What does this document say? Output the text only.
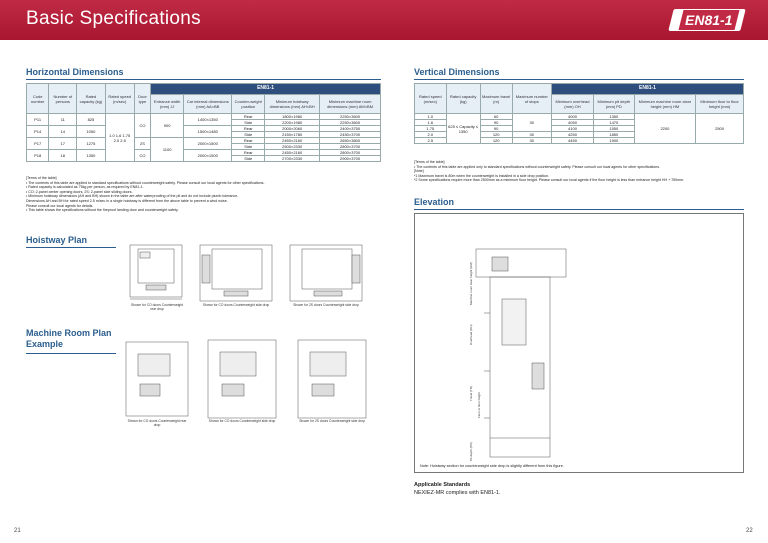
Basic Specifications	EN81-1
Horizontal Dimensions
Code number	Number of persons	Rated capacity (kg)	Rated speed (m/sec)	Door type	EN81-1				
					Entrance width (mm) JJ	Car internal dimensions (mm) AA×BB	Counter-weight position	Minimum hoistway dimensions (mm) AH×BH	Minimum machine room dimensions (mm) AM×BM
P11	11	825	1.0 1.6 1.75 2.0 2.5	CO	900	1400×1350	Rear	1800×1980	2250×3600
							Side	2200×1980	2250×3600
P14	14	1050				1500×1480	Rear	2000×2060	2400×3750
							Side	2150×1780	2450×3700
P17	17	1275		2S	1100	2000×1500	Rear	2450×2160	2650×3800
							Side	2500×2330	2800×3700
P18	18	1350		CO		2000×1500	Rear	2450×2160	2800×3700
							Side	2700×2330	2900×3700
[Terms of the table]
• The contents of this table are applied to standard specifications without counterweight safety. Please consult our local agents for other specifications.
• Rated capacity is calculated as 75kg per person, as required by EN81-1.
• CO: 2-panel center opening doors, 2S: 2-panel side sliding doors.
• Minimum hoistway dimensions (AH and BH) shown in the table are after waterproofing of the pit and do not include plumb tolerance.
Dimensions AH and BH for rated speed 2.5 m/sec in a single hoistway is different from the above table to prevent a wind noise.
Please consult our local agents for details.
• This table shows the specifications without the fireproof landing door and counterweight safety.
Hoistway Plan
Shown for CO doors Counterweight rear drop
Shown for CO doors Counterweight side drop	Shown for 2S doors Counterweight side drop
Machine Room Plan Example
Shown for CO doors Counterweight rear drop
Shown for CO doors Counterweight side drop	Shown for 2S doors Counterweight side drop
Vertical Dimensions
Rated speed (m/sec)	Rated capacity (kg)	Maximum travel (m)	Maximum number of stops	EN81-1			
				Minimum overhead (mm) OH	Minimum pit depth (mm) PD	Minimum machine room clear height (mm) HM	Minimum floor to floor height (mm)
1.0	625 ≤ Capacity ≤ 1350	60	30	4000	1350	2200	2500
1.6		90		4050	1470		
1.75		90		4100	1550		
2.0		120	30	4250	1850		
2.5		120	30	4450	1900		
[Terms of the table]
• The contents of this table are applied only to standard specifications without counterweight safety. Please consult our local agents for other specifications.
[Note]
*1 Maximum travel is 80m when the counterweight is installed in a side drop position.
*2 Some specifications require more than 2500mm as a minimum floor height. Please consult our local agents if the floor height is less than entrance height HH + 750mm.
Elevation
Machine room clear height (HM)
Overhead (OH)
Travel (TR) Floor to floor height
Pit depth (PD)
Note: Hoistway section for counterweight side drop is slightly different from this figure.
Applicable Standards
NEXIEZ-MR complies with EN81-1.
21	22
